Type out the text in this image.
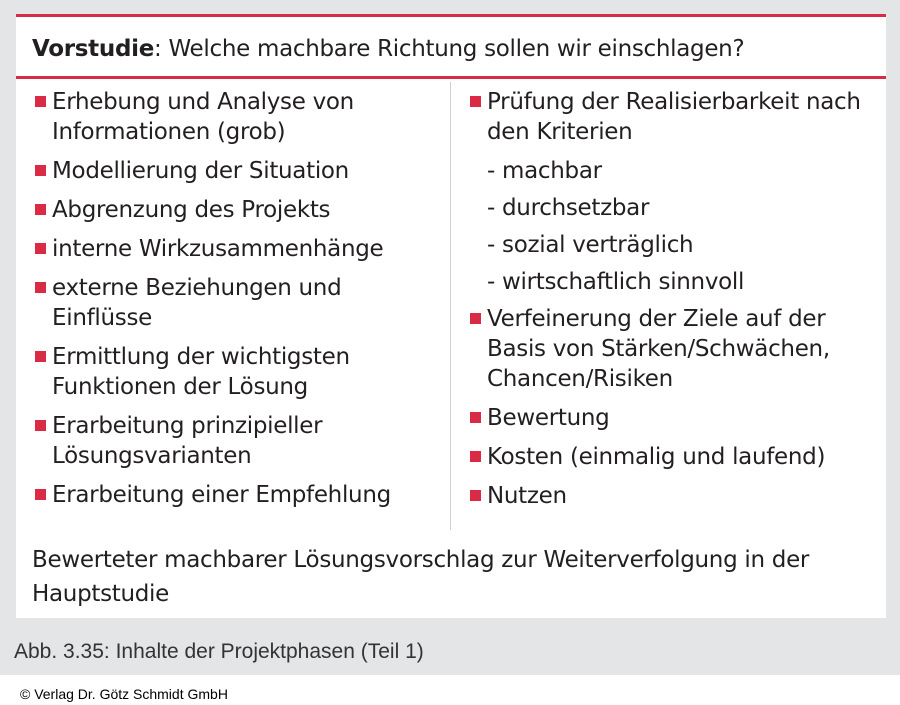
Vorstudie: Welche machbare Richtung sollen wir einschlagen?
Erhebung und Analyse von Informationen (grob)
Modellierung der Situation
Abgrenzung des Projekts
interne Wirkzusammenhänge
externe Beziehungen und Einflüsse
Ermittlung der wichtigsten Funktionen der Lösung
Erarbeitung prinzipieller Lösungsvarianten
Erarbeitung einer Empfehlung
Prüfung der Realisierbarkeit nach den Kriterien
- machbar
- durchsetzbar
- sozial verträglich
- wirtschaftlich sinnvoll
Verfeinerung der Ziele auf der Basis von Stärken/Schwächen, Chancen/Risiken
Bewertung
Kosten (einmalig und laufend)
Nutzen
Bewerteter machbarer Lösungsvorschlag zur Weiterverfolgung in der Hauptstudie
Abb. 3.35: Inhalte der Projektphasen (Teil 1)
© Verlag Dr. Götz Schmidt GmbH
